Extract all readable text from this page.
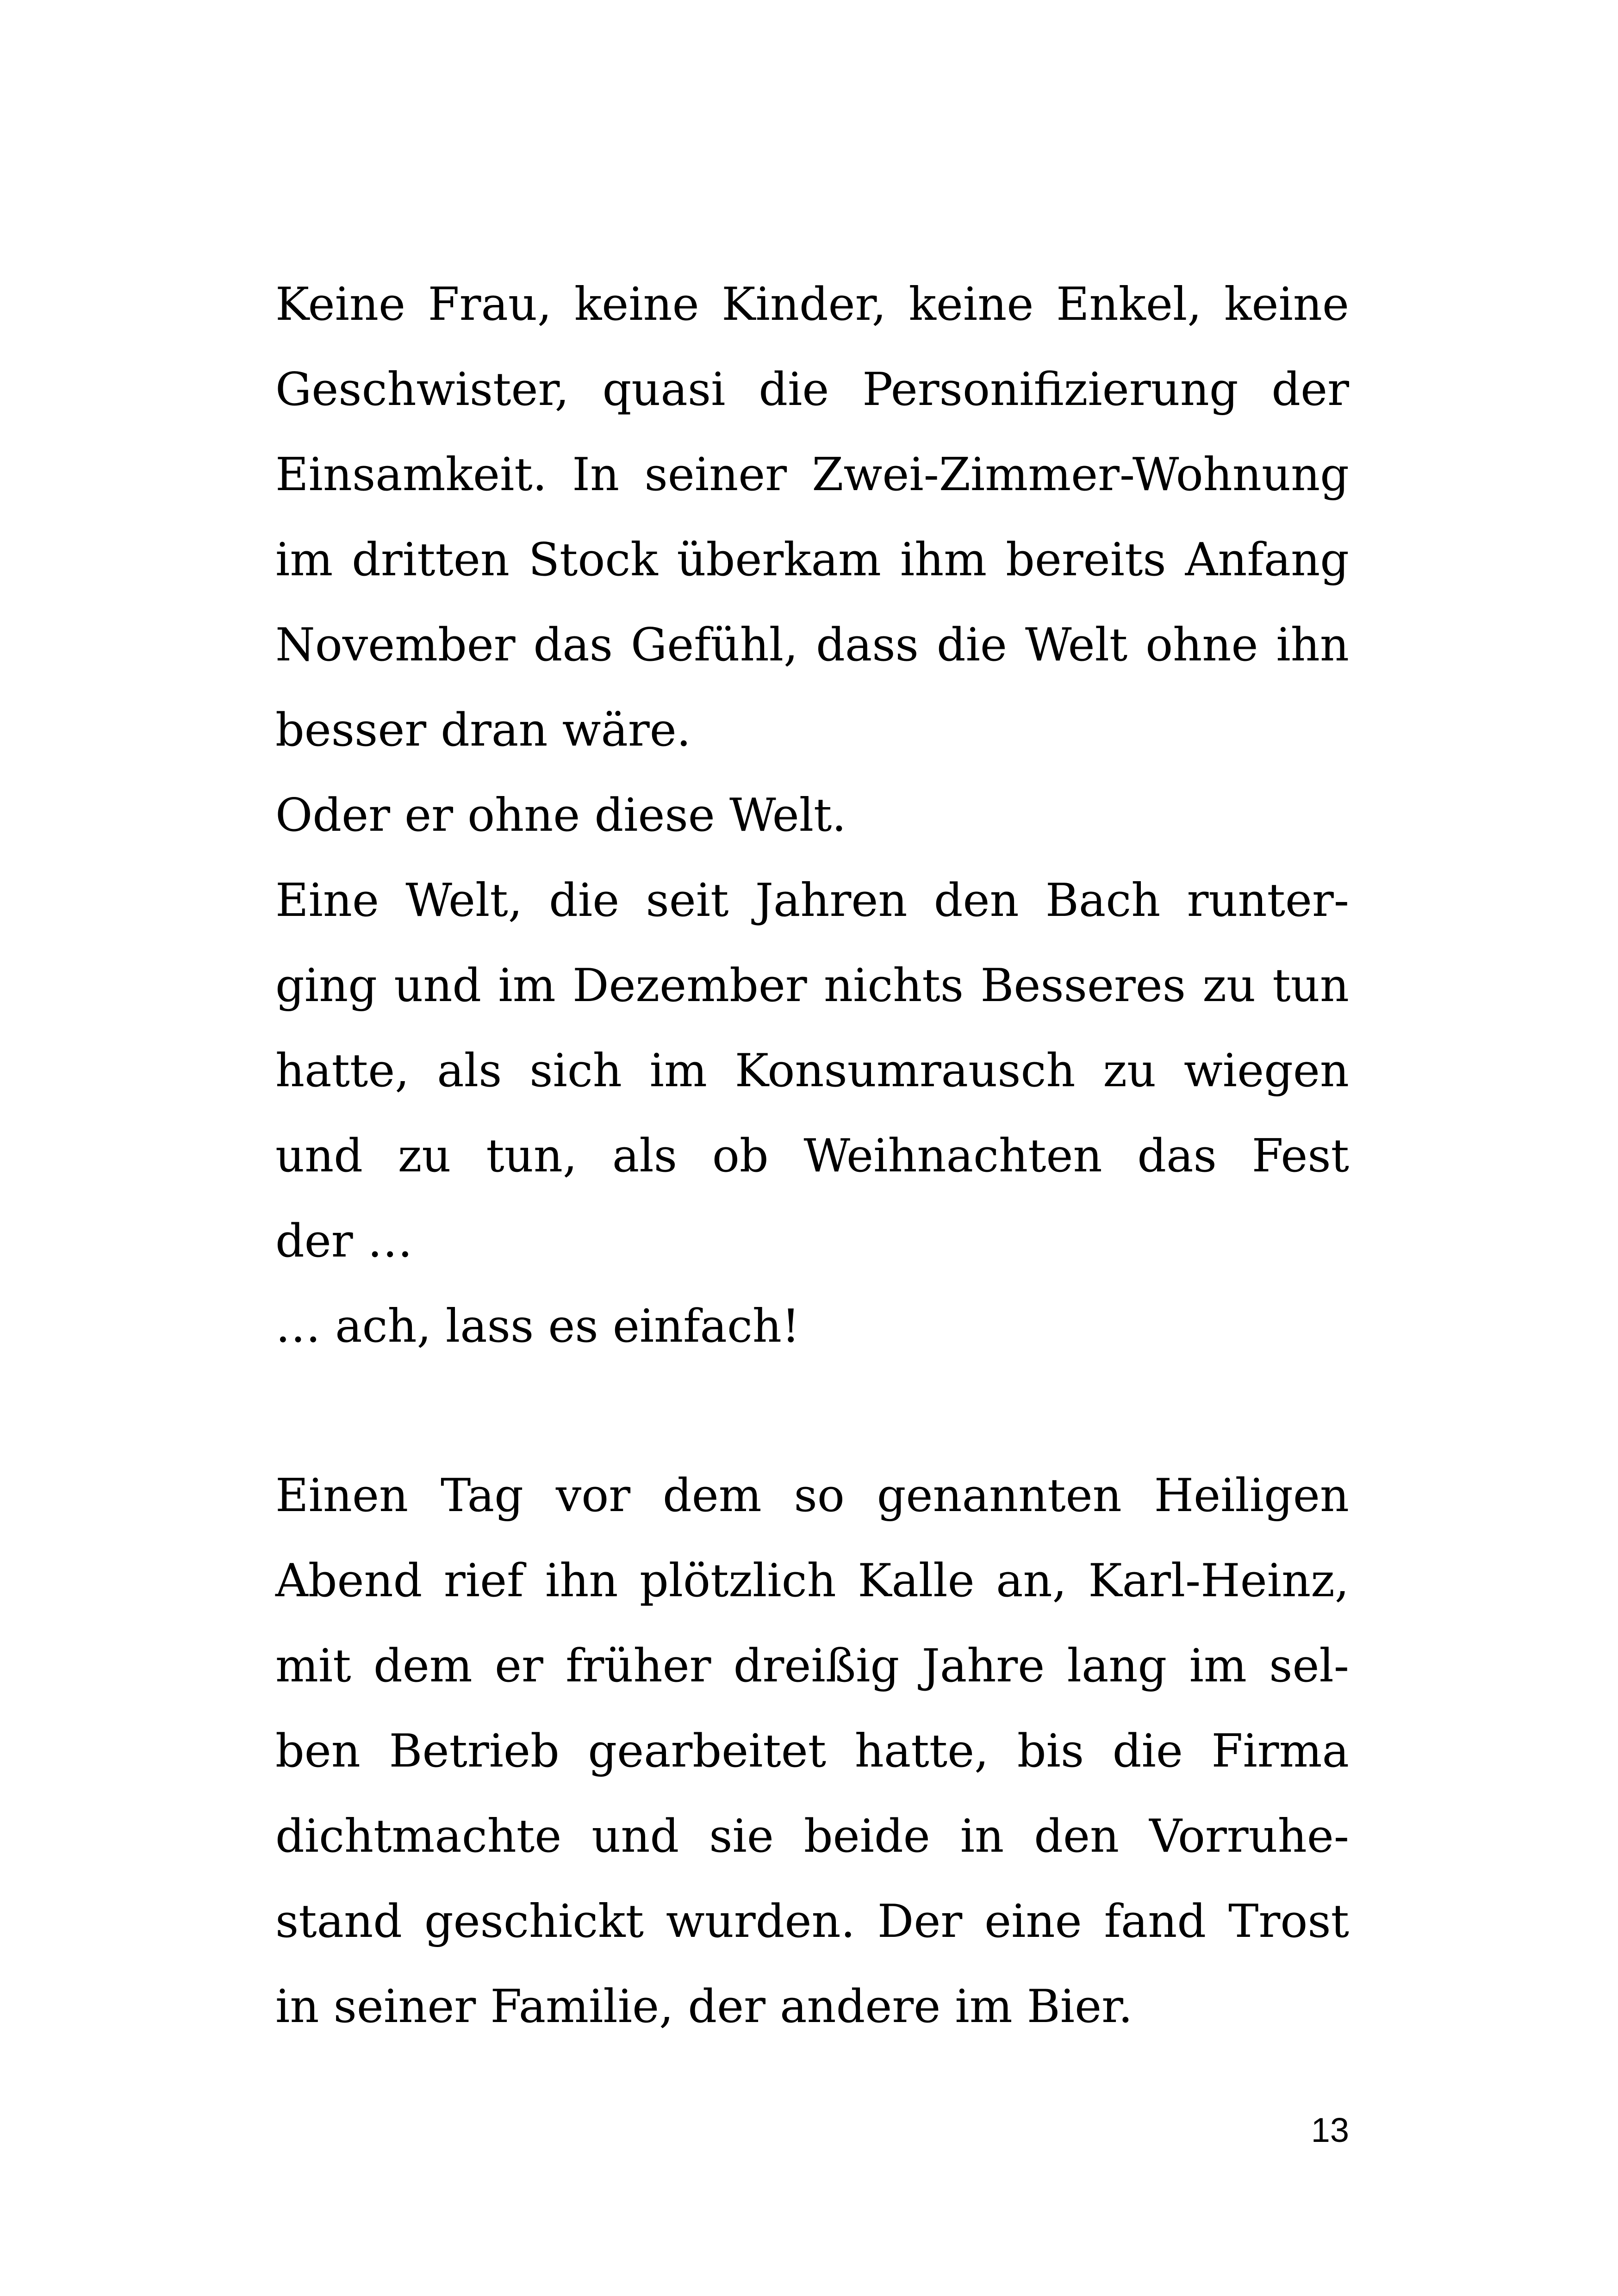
Keine Frau, keine Kinder, keine Enkel, keine
Geschwister, quasi die Personifizierung der
Einsamkeit. In seiner Zwei-Zimmer-Wohnung
im dritten Stock überkam ihm bereits Anfang
November das Gefühl, dass die Welt ohne ihn
besser dran wäre.
Oder er ohne diese Welt.
Eine Welt, die seit Jahren den Bach runter-
ging und im Dezember nichts Besseres zu tun
hatte, als sich im Konsumrausch zu wiegen
und zu tun, als ob Weihnachten das Fest
der …
… ach, lass es einfach!
Einen Tag vor dem so genannten Heiligen
Abend rief ihn plötzlich Kalle an, Karl-Heinz,
mit dem er früher dreißig Jahre lang im sel-
ben Betrieb gearbeitet hatte, bis die Firma
dichtmachte und sie beide in den Vorruhe-
stand geschickt wurden. Der eine fand Trost
in seiner Familie, der andere im Bier.
13
